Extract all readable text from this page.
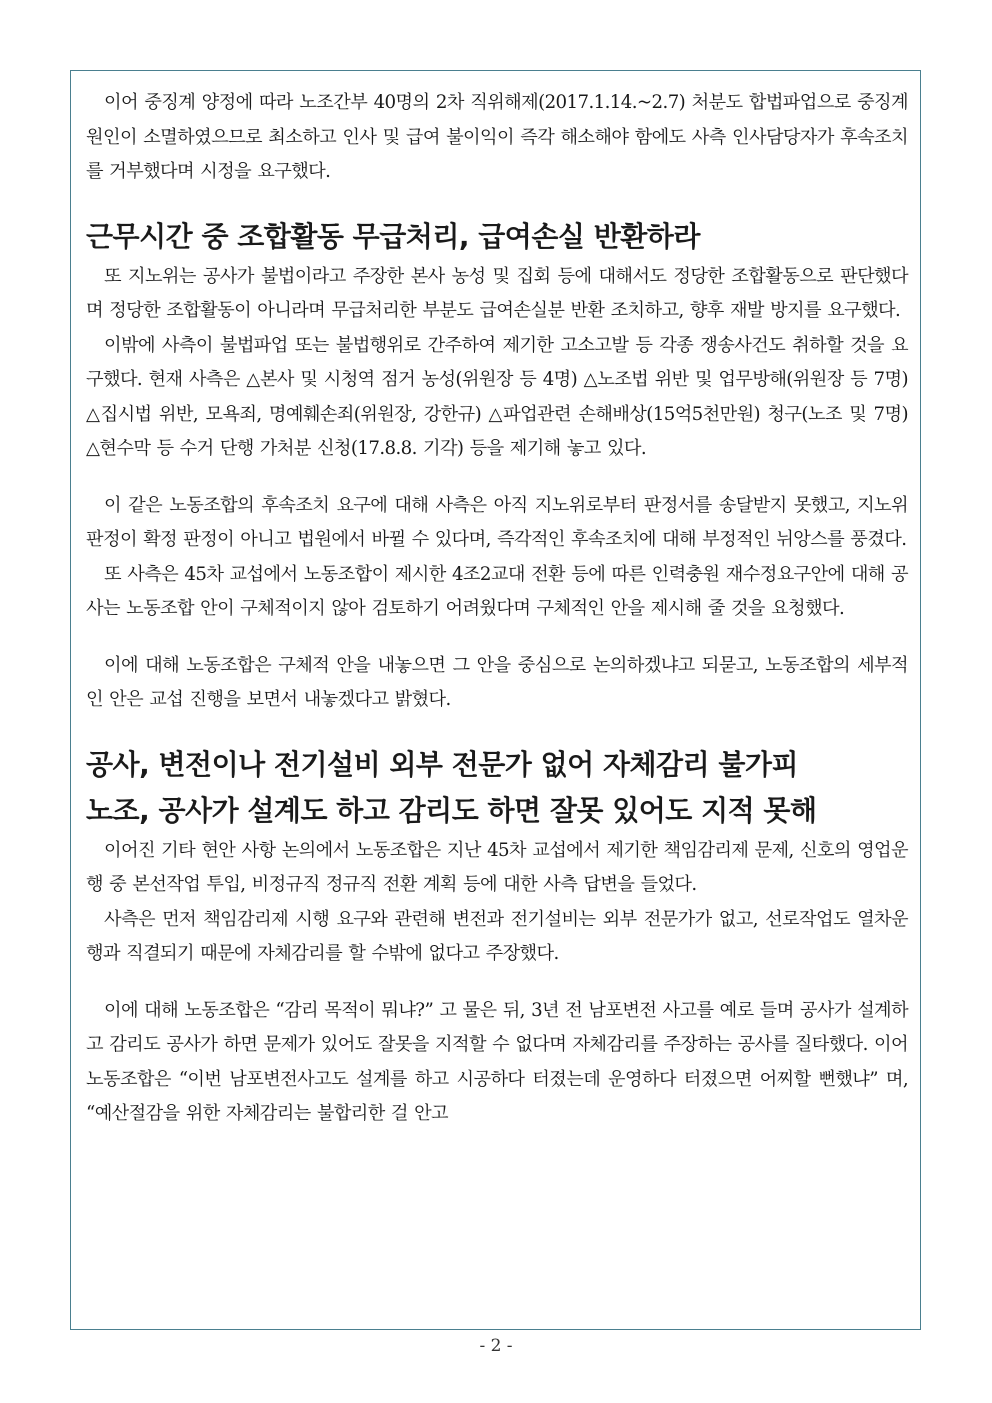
이어 중징계 양정에 따라 노조간부 40명의 2차 직위해제(2017.1.14.~2.7) 처분도 합법파업으로 중징계 원인이 소멸하였으므로 최소하고 인사 및 급여 불이익이 즉각 해소해야 함에도 사측 인사담당자가 후속조치를 거부했다며 시정을 요구했다.

근무시간 중 조합활동 무급처리, 급여손실 반환하라

또 지노위는 공사가 불법이라고 주장한 본사 농성 및 집회 등에 대해서도 정당한 조합활동으로 판단했다며 정당한 조합활동이 아니라며 무급처리한 부분도 급여손실분 반환 조치하고, 향후 재발 방지를 요구했다.

이밖에 사측이 불법파업 또는 불법행위로 간주하여 제기한 고소고발 등 각종 쟁송사건도 취하할 것을 요구했다. 현재 사측은 △본사 및 시청역 점거 농성(위원장 등 4명) △노조법 위반 및 업무방해(위원장 등 7명) △집시법 위반, 모욕죄, 명예훼손죄(위원장, 강한규) △파업관련 손해배상(15억5천만원) 청구(노조 및 7명) △현수막 등 수거 단행 가처분 신청(17.8.8. 기각) 등을 제기해 놓고 있다.

이 같은 노동조합의 후속조치 요구에 대해 사측은 아직 지노위로부터 판정서를 송달받지 못했고, 지노위 판정이 확정 판정이 아니고 법원에서 바뀔 수 있다며, 즉각적인 후속조치에 대해 부정적인 뉘앙스를 풍겼다.

또 사측은 45차 교섭에서 노동조합이 제시한 4조2교대 전환 등에 따른 인력충원 재수정요구안에 대해 공사는 노동조합 안이 구체적이지 않아 검토하기 어려웠다며 구체적인 안을 제시해 줄 것을 요청했다.

이에 대해 노동조합은 구체적 안을 내놓으면 그 안을 중심으로 논의하겠냐고 되묻고, 노동조합의 세부적인 안은 교섭 진행을 보면서 내놓겠다고 밝혔다.

공사, 변전이나 전기설비 외부 전문가 없어 자체감리 불가피
노조, 공사가 설계도 하고 감리도 하면 잘못 있어도 지적 못해

이어진 기타 현안 사항 논의에서 노동조합은 지난 45차 교섭에서 제기한 책임감리제 문제, 신호의 영업운행 중 본선작업 투입, 비정규직 정규직 전환 계획 등에 대한 사측 답변을 들었다.

사측은 먼저 책임감리제 시행 요구와 관련해 변전과 전기설비는 외부 전문가가 없고, 선로작업도 열차운행과 직결되기 때문에 자체감리를 할 수밖에 없다고 주장했다.

이에 대해 노동조합은 “감리 목적이 뭐냐?” 고 물은 뒤, 3년 전 남포변전 사고를 예로 들며 공사가 설계하고 감리도 공사가 하면 문제가 있어도 잘못을 지적할 수 없다며 자체감리를 주장하는 공사를 질타했다. 이어 노동조합은 “이번 남포변전사고도 설계를 하고 시공하다 터졌는데 운영하다 터졌으면 어찌할 뻔했냐” 며, “예산절감을 위한 자체감리는 불합리한 걸 안고

- 2 -
